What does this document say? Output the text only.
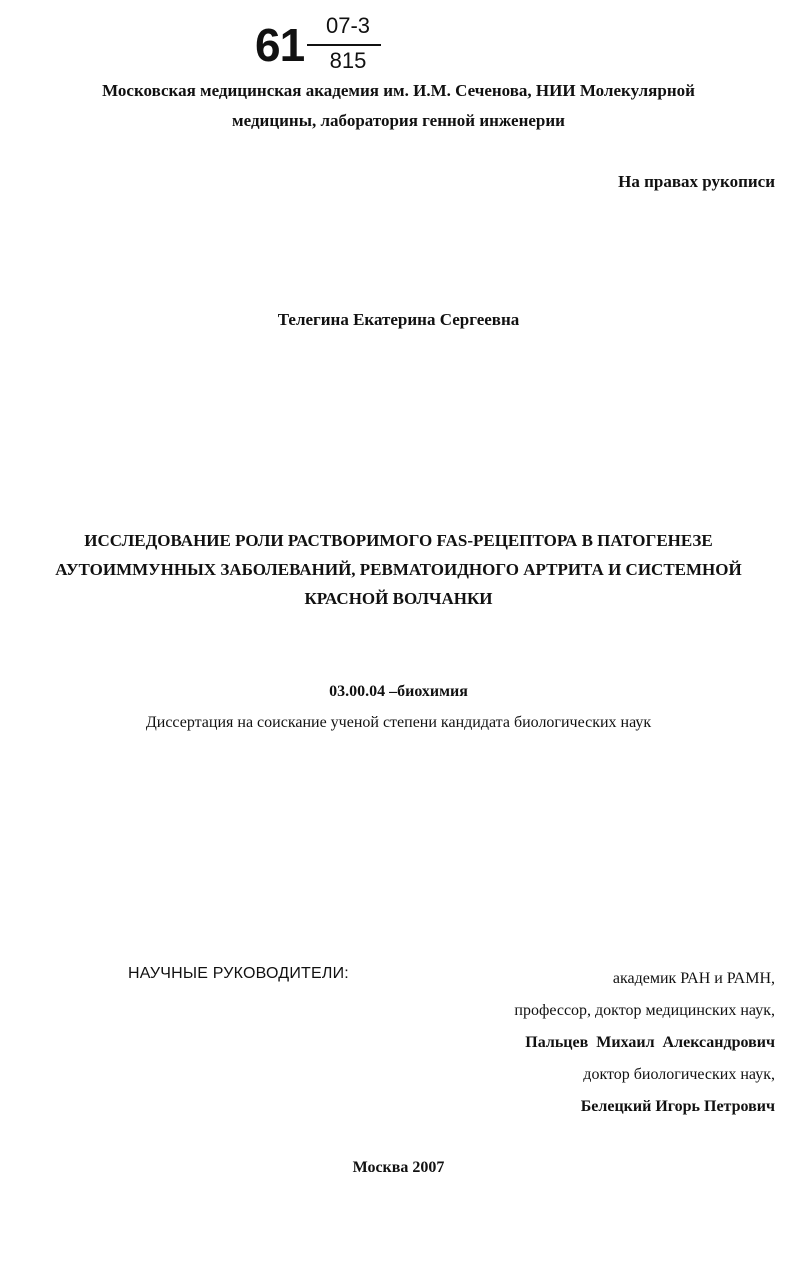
61 07-3
815
Московская медицинская академия им. И.М. Сеченова, НИИ Молекулярной
медицины, лаборатория генной инженерии
На правах рукописи
Телегина Екатерина Сергеевна
ИССЛЕДОВАНИЕ РОЛИ РАСТВОРИМОГО FAS-РЕЦЕПТОРА В ПАТОГЕНЕЗЕ
АУТОИММУННЫХ ЗАБОЛЕВАНИЙ, РЕВМАТОИДНОГО АРТРИТА И СИСТЕМНОЙ
КРАСНОЙ ВОЛЧАНКИ
03.00.04 –биохимия
Диссертация на соискание ученой степени кандидата биологических наук
НАУЧНЫЕ РУКОВОДИТЕЛИ:	академик РАН и РАМН,
профессор, доктор медицинских наук,
Пальцев Михаил Александрович
доктор биологических наук,
Белецкий Игорь Петрович
Москва 2007
